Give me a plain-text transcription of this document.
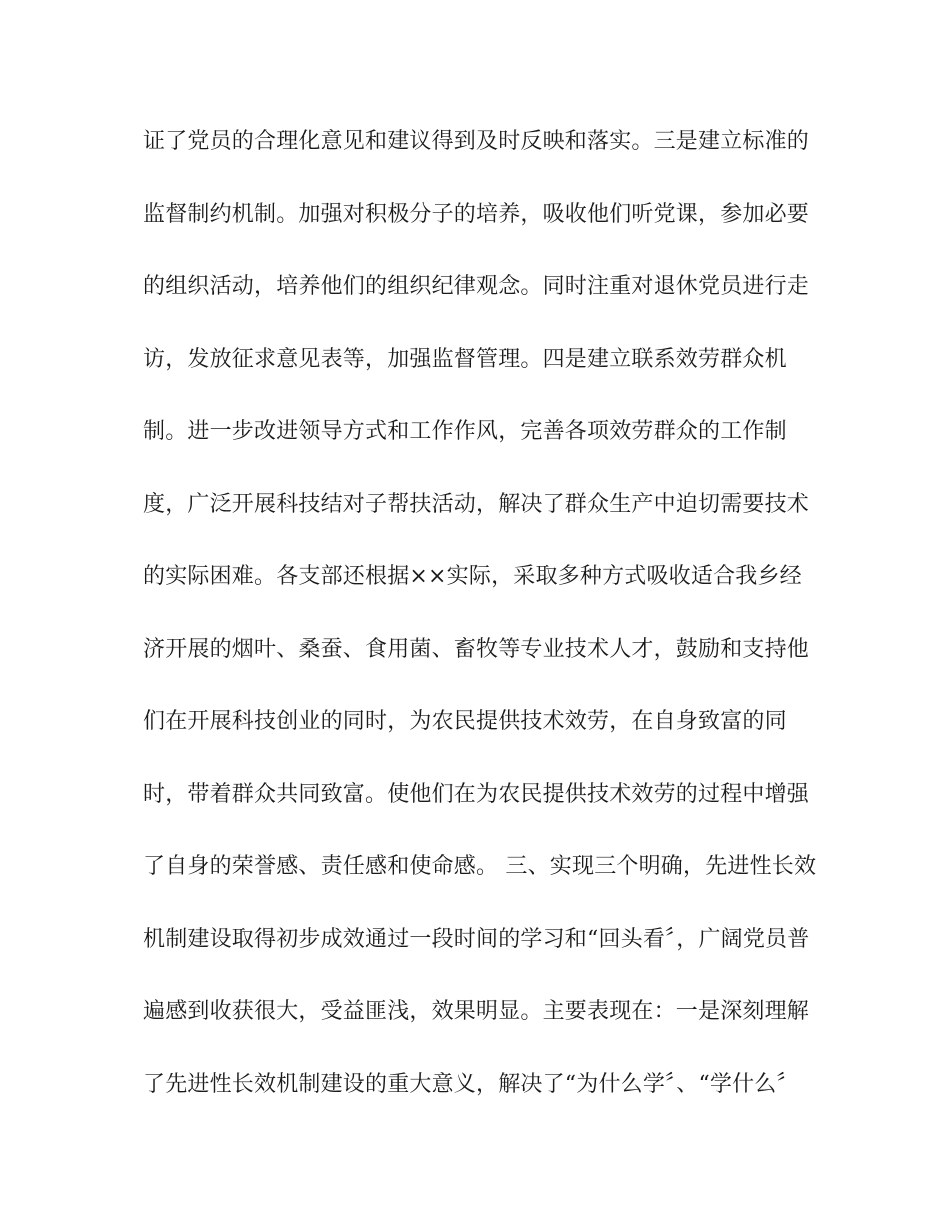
证了党员的合理化意见和建议得到及时反映和落实。三是建立标准的
监督制约机制。加强对积极分子的培养，吸收他们听党课，参加必要
的组织活动，培养他们的组织纪律观念。同时注重对退休党员进行走
访，发放征求意见表等，加强监督管理。四是建立联系效劳群众机
制。进一步改进领导方式和工作作风，完善各项效劳群众的工作制
度，广泛开展科技结对子帮扶活动，解决了群众生产中迫切需要技术
的实际困难。各支部还根据××实际，采取多种方式吸收适合我乡经
济开展的烟叶、桑蚕、食用菌、畜牧等专业技术人才，鼓励和支持他
们在开展科技创业的同时，为农民提供技术效劳，在自身致富的同
时，带着群众共同致富。使他们在为农民提供技术效劳的过程中增强
了自身的荣誉感、责任感和使命感。 三、实现三个明确，先进性长效
机制建设取得初步成效通过一段时间的学习和“回头看〞，广阔党员普
遍感到收获很大，受益匪浅，效果明显。主要表现在：一是深刻理解
了先进性长效机制建设的重大意义，解决了“为什么学〞、“学什么〞
